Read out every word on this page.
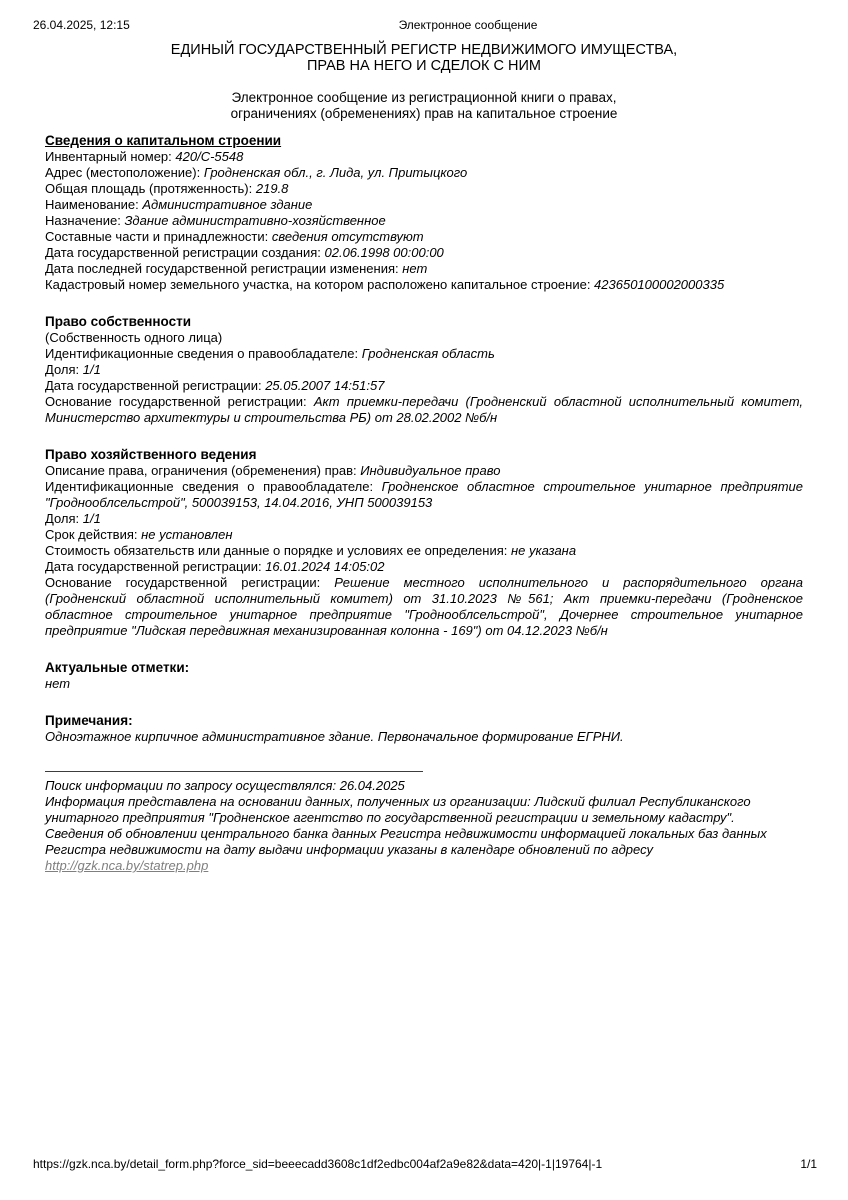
26.04.2025, 12:15	Электронное сообщение
ЕДИНЫЙ ГОСУДАРСТВЕННЫЙ РЕГИСТР НЕДВИЖИМОГО ИМУЩЕСТВА,
ПРАВ НА НЕГО И СДЕЛОК С НИМ
Электронное сообщение из регистрационной книги о правах,
ограничениях (обременениях) прав на капитальное строение
Сведения о капитальном строении

Инвентарный номер: 420/С-5548

Адрес (местоположение): Гродненская обл., г. Лида, ул. Притыцкого

Общая площадь (протяженность): 219.8

Наименование: Административное здание

Назначение: Здание административно-хозяйственное

Составные части и принадлежности: сведения отсутствуют

Дата государственной регистрации создания: 02.06.1998 00:00:00

Дата последней государственной регистрации изменения: нет

Кадастровый номер земельного участка, на котором расположено капитальное строение: 423650100002000335

Право собственности

(Собственность одного лица)

Идентификационные сведения о правообладателе: Гродненская область

Доля: 1/1

Дата государственной регистрации: 25.05.2007 14:51:57

Основание государственной регистрации: Акт приемки-передачи (Гродненский областной исполнительный комитет, Министерство архитектуры и строительства РБ) от 28.02.2002 №б/н

Право хозяйственного ведения

Описание права, ограничения (обременения) прав: Индивидуальное право

Идентификационные сведения о правообладателе: Гродненское областное строительное унитарное предприятие "Гроднооблсельстрой", 500039153, 14.04.2016, УНП 500039153

Доля: 1/1

Срок действия: не установлен

Стоимость обязательств или данные о порядке и условиях ее определения: не указана

Дата государственной регистрации: 16.01.2024 14:05:02

Основание государственной регистрации: Решение местного исполнительного и распорядительного органа (Гродненский областной исполнительный комитет) от 31.10.2023 №561; Акт приемки-передачи (Гродненское областное строительное унитарное предприятие "Гроднооблсельстрой", Дочернее строительное унитарное предприятие "Лидская передвижная механизированная колонна - 169") от 04.12.2023 №б/н

Актуальные отметки:

нет

Примечания:

Одноэтажное кирпичное административное здание. Первоначальное формирование ЕГРНИ.

Поиск информации по запросу осуществлялся: 26.04.2025

Информация представлена на основании данных, полученных из организации: Лидский филиал Республиканского унитарного предприятия "Гродненское агентство по государственной регистрации и земельному кадастру".

Сведения об обновлении центрального банка данных Регистра недвижимости информацией локальных баз данных Регистра недвижимости на дату выдачи информации указаны в календаре обновлений по адресу

http://gzk.nca.by/statrep.php
https://gzk.nca.by/detail_form.php?force_sid=beeecadd3608c1df2edbc004af2a9e82&data=420|-1|19764|-1	1/1
